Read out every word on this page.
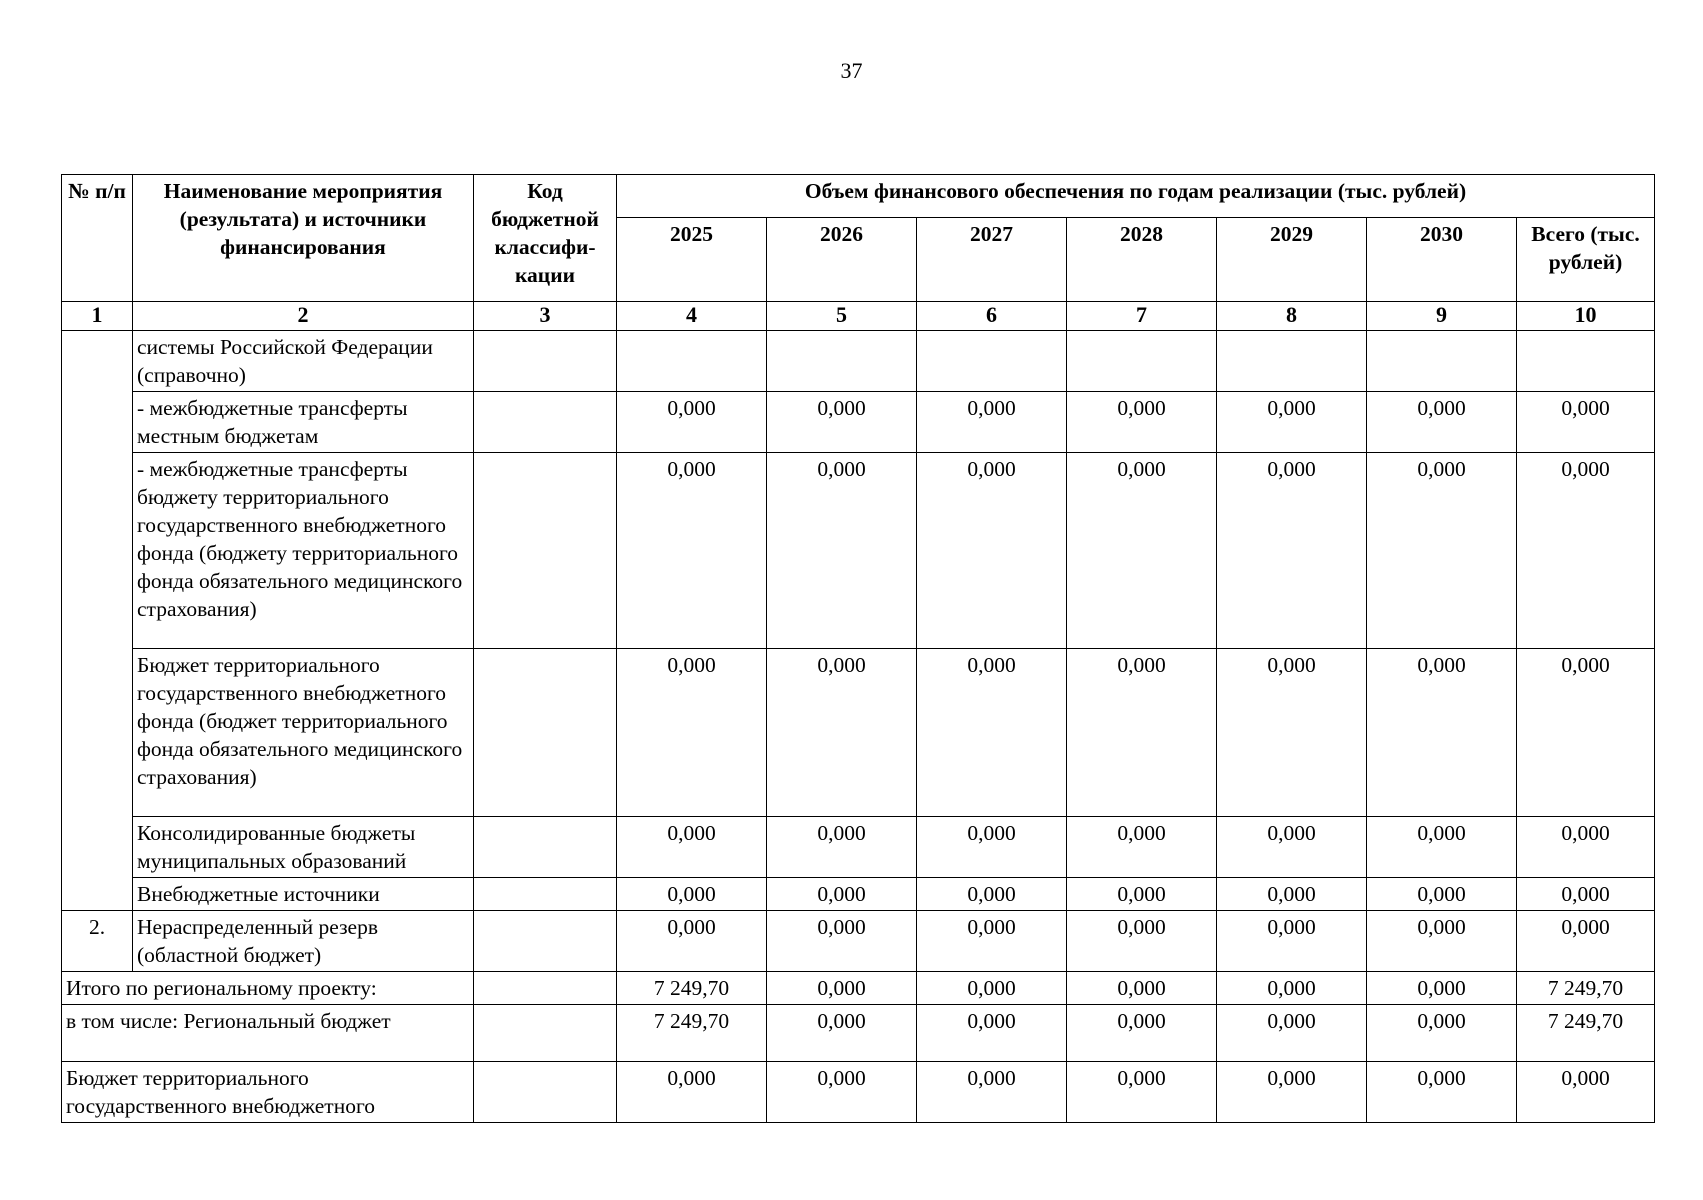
37
№ п/п	Наименование мероприятия (результата) и источники финансирования	Код бюджетной классифи- кации	Объем финансового обеспечения по годам реализации (тыс. рублей)						
			2025	2026	2027	2028	2029	2030	Всего (тыс. рублей)
1	2	3	4	5	6	7	8	9	10
	системы Российской Федерации (справочно)								
	- межбюджетные трансферты местным бюджетам		0,000	0,000	0,000	0,000	0,000	0,000	0,000
	- межбюджетные трансферты бюджету территориального государственного внебюджетного фонда (бюджету территориального фонда обязательного медицинского страхования)		0,000	0,000	0,000	0,000	0,000	0,000	0,000
	Бюджет территориального государственного внебюджетного фонда (бюджет территориального фонда обязательного медицинского страхования)		0,000	0,000	0,000	0,000	0,000	0,000	0,000
	Консолидированные бюджеты муниципальных образований		0,000	0,000	0,000	0,000	0,000	0,000	0,000
	Внебюджетные источники		0,000	0,000	0,000	0,000	0,000	0,000	0,000
2.	Нераспределенный резерв (областной бюджет)		0,000	0,000	0,000	0,000	0,000	0,000	0,000
Итого по региональному проекту:			7 249,70	0,000	0,000	0,000	0,000	0,000	7 249,70
в том числе: Региональный бюджет			7 249,70	0,000	0,000	0,000	0,000	0,000	7 249,70
Бюджет территориального государственного внебюджетного			0,000	0,000	0,000	0,000	0,000	0,000	0,000
